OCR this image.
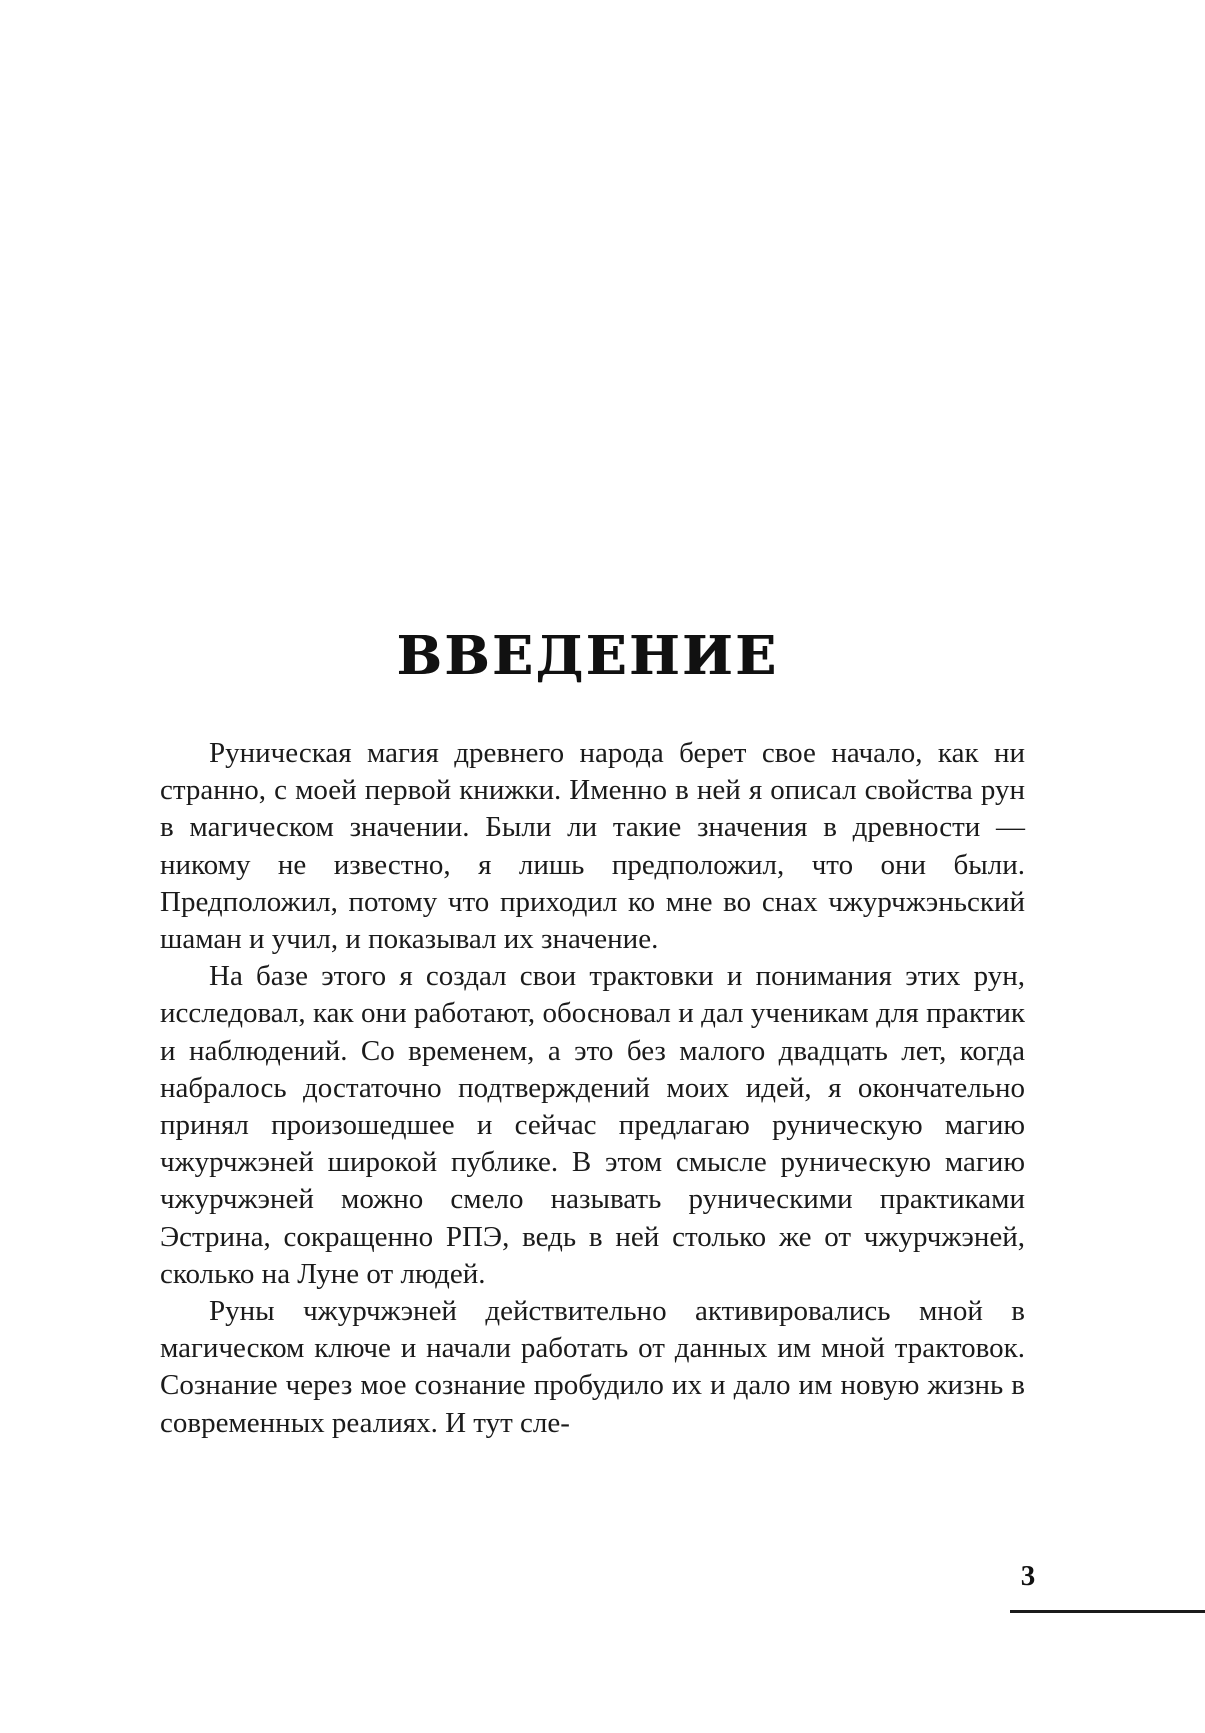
ВВЕДЕНИЕ

Руническая магия древнего народа берет свое начало, как ни странно, с моей первой книжки. Именно в ней я описал свойства рун в магическом значении. Были ли такие значения в древности — никому не известно, я лишь предположил, что они были. Предположил, потому что приходил ко мне во снах чжурчжэньский шаман и учил, и показывал их значение.

На базе этого я создал свои трактовки и понимания этих рун, исследовал, как они работают, обосновал и дал ученикам для практик и наблюдений. Со временем, а это без малого двадцать лет, когда набралось достаточно подтверждений моих идей, я окончательно принял произошедшее и сейчас предлагаю руническую магию чжурчжэней широкой публике. В этом смысле руническую магию чжурчжэней можно смело называть руническими практиками Эстрина, сокращенно РПЭ, ведь в ней столько же от чжурчжэней, сколько на Луне от людей.

Руны чжурчжэней действительно активировались мной в магическом ключе и начали работать от данных им мной трактовок. Сознание через мое сознание пробудило их и дало им новую жизнь в современных реалиях. И тут сле-

3
